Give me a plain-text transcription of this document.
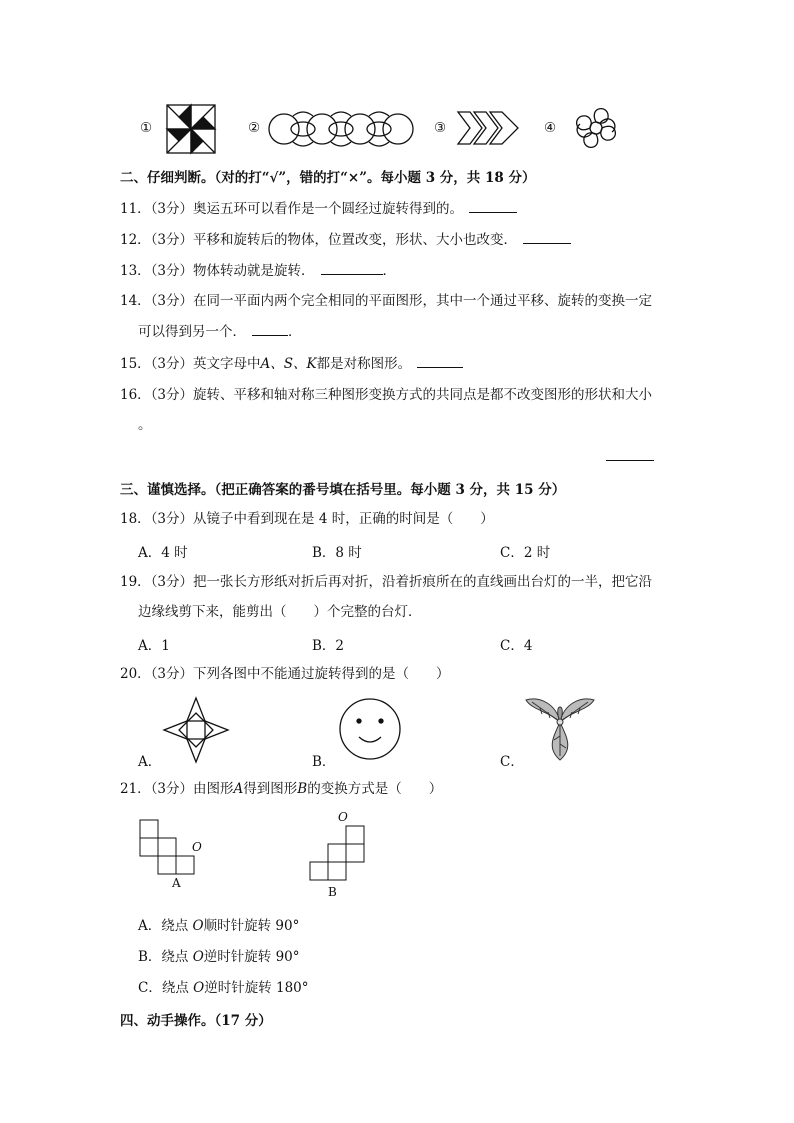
①	②	③	④
二、仔细判断。（对的打“√”，错的打“×”。每小题 3 分，共 18 分）
11．（3分）奥运五环可以看作是一个圆经过旋转得到的。
12．（3分）平移和旋转后的物体，位置改变，形状、大小也改变．
13．（3分）物体转动就是旋转．	．
14．（3分）在同一平面内两个完全相同的平面图形，其中一个通过平移、旋转的变换一定
可以得到另一个．	．
15．（3分）英文字母中A、S、K都是对称图形。
16．（3分）旋转、平移和轴对称三种图形变换方式的共同点是都不改变图形的形状和大小
。
三、谨慎选择。（把正确答案的番号填在括号里。每小题 3 分，共 15 分）
18．（3分）从镜子中看到现在是 4 时，正确的时间是（　　）
A．4 时	B．8 时	C．2 时
19．（3分）把一张长方形纸对折后再对折，沿着折痕所在的直线画出台灯的一半，把它沿
边缘线剪下来，能剪出（　　）个完整的台灯．
A．1	B．2	C．4
20．（3分）下列各图中不能通过旋转得到的是（　　）
A．	B．	C．
21．（3分）由图形A得到图形B的变换方式是（　　）
O
A
O
B
A．绕点 O顺时针旋转 90°
B．绕点 O逆时针旋转 90°
C．绕点 O逆时针旋转 180°
四、动手操作。（17 分）
